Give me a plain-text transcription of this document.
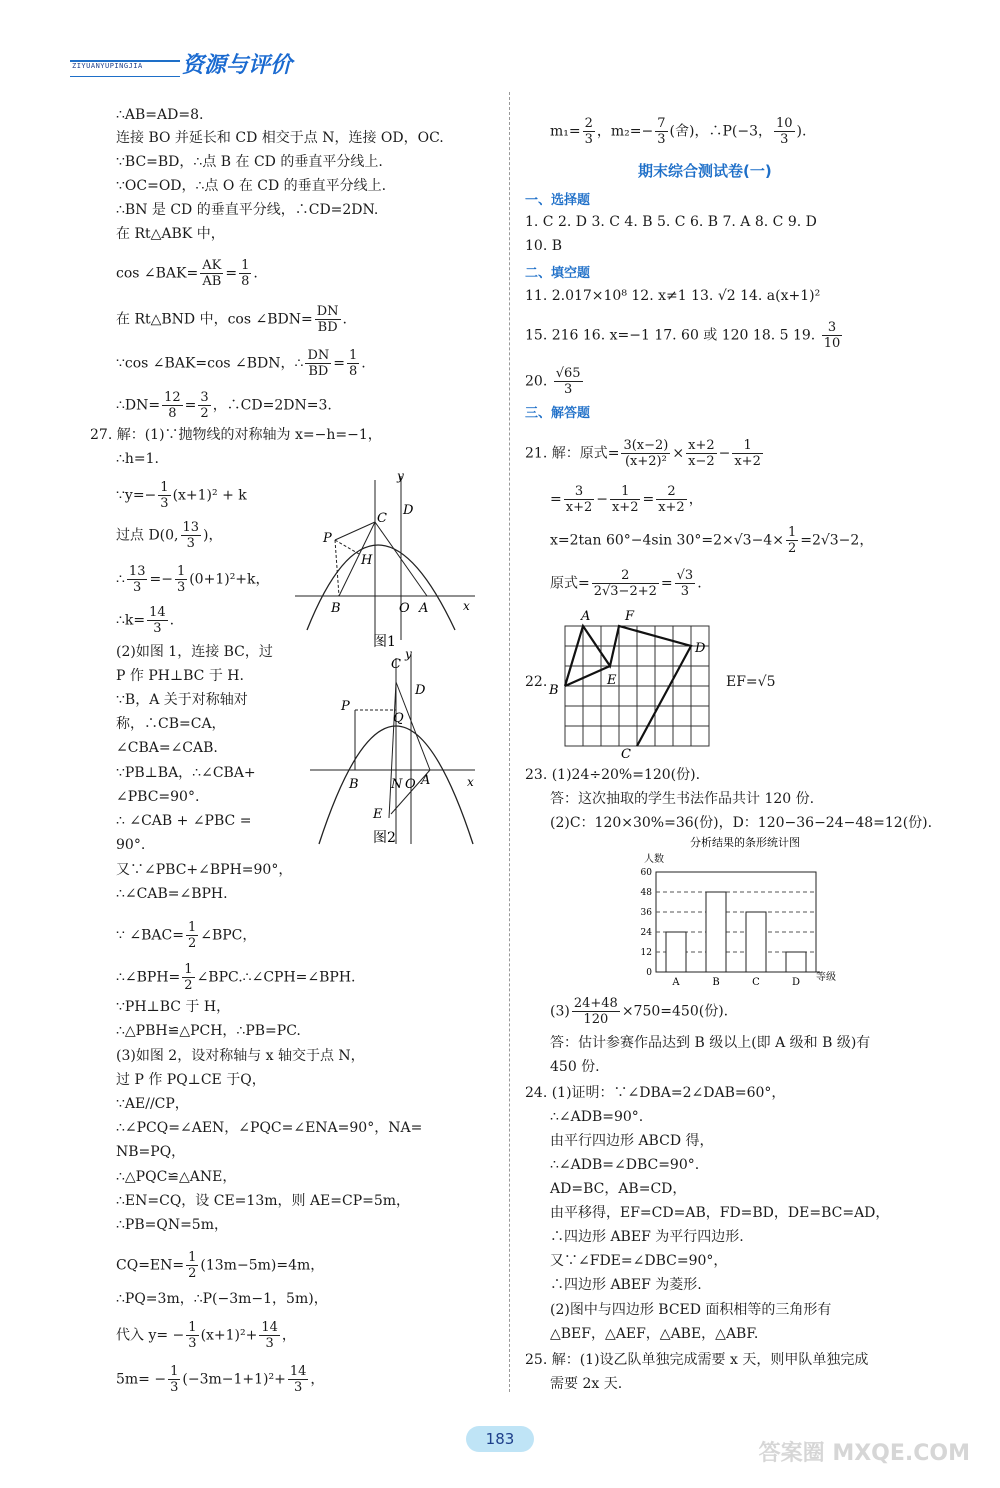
ZIYUANYUPINGJIA 资源与评价
∴AB=AD=8.
连接 BO 并延长和 CD 相交于点 N，连接 OD，OC.
∵BC=BD，∴点 B 在 CD 的垂直平分线上.
∵OC=OD，∴点 O 在 CD 的垂直平分线上.
∴BN 是 CD 的垂直平分线，∴CD=2DN.
在 Rt△ABK 中，
cos ∠BAK= $\frac{AK}{AB} = \frac{1}{8}$ .
在 Rt△BND 中，cos ∠BDN= $\frac{DN}{BD}$ .
∵cos ∠BAK=cos ∠BDN，∴ $\frac{DN}{BD} = \frac{1}{8}$ .
∴DN= $\frac{12}{8} = \frac{3}{2}$ ，∴CD=2DN=3.
27. 解：(1)∵抛物线的对称轴为 x=−h=−1，
∴h=1.
∵y=− $\frac{1}{3} (x+1)^2 + k$
过点 D(0, $\frac{13}{3}$ )，
∴ $\frac{13}{3} =- \frac{1}{3} (0+1)^2+k$，
∴k= $\frac{14}{3}$ .
(2)如图 1，连接 BC，过
P 作 PH⊥BC 于 H.
∵B，A 关于对称轴对
称，∴CB=CA，
∠CBA=∠CAB.
∵PB⊥BA，∴∠CBA+
∠PBC=90°.
∴ ∠CAB + ∠PBC =
90°.
又∵∠PBC+∠BPH=90°，
∴∠CAB=∠BPH.
∵ ∠BAC= $\frac{1}{2}$ ∠BPC，
∴∠BPH= $\frac{1}{2}$ ∠BPC.∴∠CPH=∠BPH.
∵PH⊥BC 于 H，
∴△PBH≌△PCH，∴PB=PC.
(3)如图 2，设对称轴与 x 轴交于点 N，
过 P 作 PQ⊥CE 于Q，
∵AE//CP，
∴∠PCQ=∠AEN，∠PQC=∠ENA=90°，NA=
NB=PQ，
∴△PQC≌△ANE，
∴EN=CQ，设 CE=13m，则 AE=CP=5m，
∴PB=QN=5m，
$CQ=EN= \frac{1}{2} (13m-5m)=4m$，
∴PQ=3m，∴P(−3m−1，5m)，
代入 $y= - \frac{1}{3} (x+1)^2+ \frac{14}{3}$ ，
$5m= - \frac{1}{3} (-3m-1+1)^2+ \frac{14}{3}$ ，
y
x
D
C
P
H
B	O A
图1
y
x
C
D
P
Q
B N O A
E
图2
$m_1= \frac{2}{3}$ ，$m_2=- \frac{7}{3}$ (舍)，∴P(−3， $\frac{10}{3}$ ).
期末综合测试卷(一)
一、选择题
1. C 2. D 3. C 4. B 5. C 6. B 7. A 8. C 9. D
10. B
二、填空题
11. 2.017×10⁸ 12. x≠1 13. √2 14. a(x+1)²
15. 216 16. x=−1 17. 60 或 120 18. 5 19. $\frac{3}{10}$
20. $\frac{√65}{3}$
三、解答题
21. 解：原式= $\frac{3(x-2)}{\text{(x+2)²}} \times \frac{x+2}{x-2} - \frac{1}{x+2}$
= $\frac{3}{x+2} - \frac{1}{x+2} = \frac{2}{x+2}$ ，
x=2tan 60°−4sin $30^\circ=2\times√3-4\times \frac{1}{2} =2√3-2$，
原式= $\frac{2}{2√3-2+2} = \frac{√3}{3}$ .
22.
A	F
D
B
E
C
EF=√5
23. (1)24÷20%=120(份).
答：这次抽取的学生书法作品共计 120 份.
(2)C：120×30%=36(份)，D：120−36−24−48=12(份).
分析结果的条形统计图
人数
等级
0
12
24
36
48
60
A	B	C	D
$(3) \frac{24+48}{120} \times 750=450$(份).
答：估计参赛作品达到 B 级以上(即 A 级和 B 级)有
450 份.
24. (1)证明：∵∠DBA=2∠DAB=60°，
∴∠ADB=90°.
由平行四边形 ABCD 得，
∴∠ADB=∠DBC=90°.
AD=BC，AB=CD，
由平移得，EF=CD=AB，FD=BD，DE=BC=AD，
∴四边形 ABEF 为平行四边形.
又∵∠FDE=∠DBC=90°，
∴四边形 ABEF 为菱形.
(2)图中与四边形 BCED 面积相等的三角形有
△BEF，△AEF，△ABE，△ABF.
25. 解：(1)设乙队单独完成需要 x 天，则甲队单独完成
需要 2x 天.
183
答案圈 MXQE.COM
